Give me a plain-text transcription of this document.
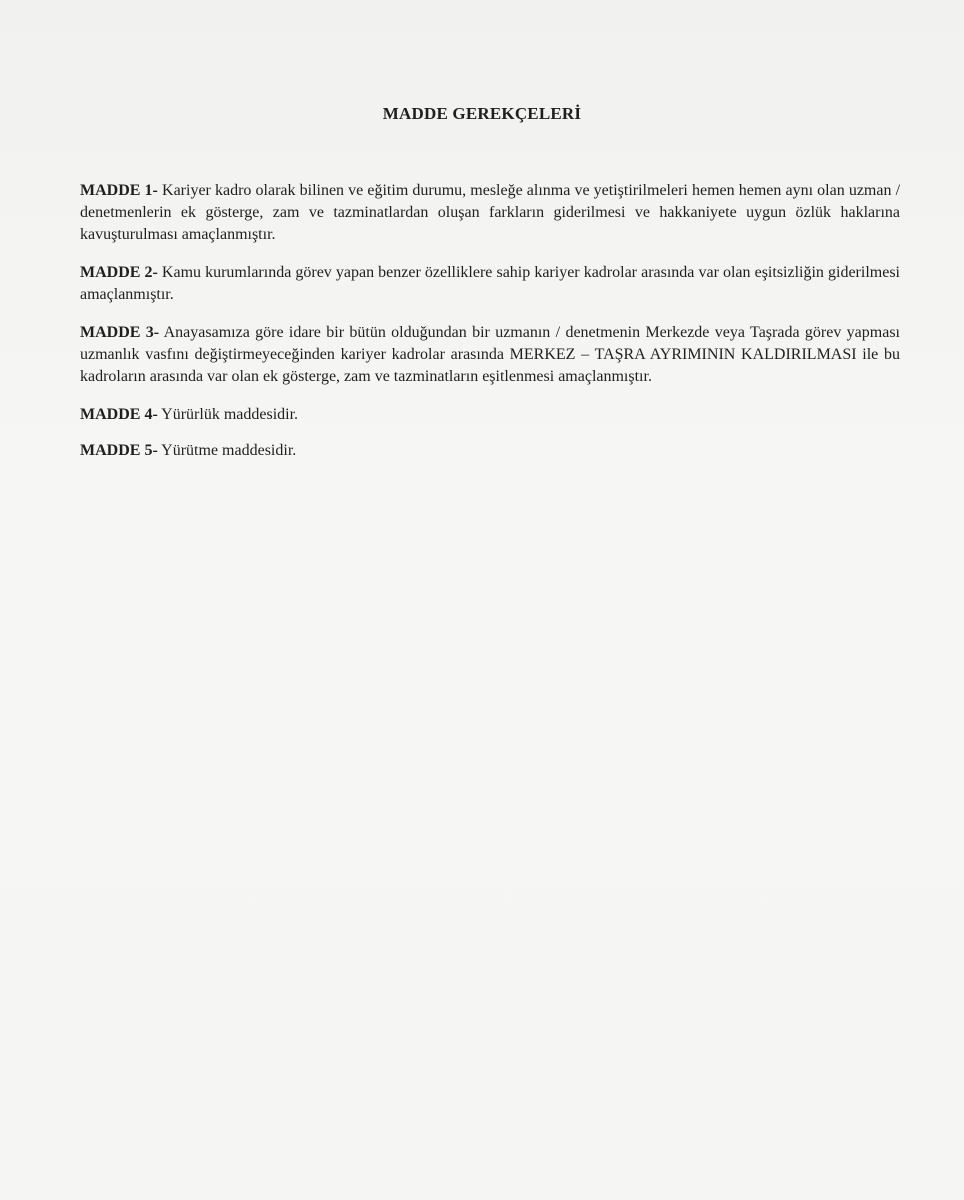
MADDE GEREKÇELERİ

MADDE 1- Kariyer kadro olarak bilinen ve eğitim durumu, mesleğe alınma ve yetiştirilmeleri hemen hemen aynı olan uzman / denetmenlerin ek gösterge, zam ve tazminatlardan oluşan farkların giderilmesi ve hakkaniyete uygun özlük haklarına kavuşturulması amaçlanmıştır.

MADDE 2- Kamu kurumlarında görev yapan benzer özelliklere sahip kariyer kadrolar arasında var olan eşitsizliğin giderilmesi amaçlanmıştır.

MADDE 3- Anayasamıza göre idare bir bütün olduğundan bir uzmanın / denetmenin Merkezde veya Taşrada görev yapması uzmanlık vasfını değiştirmeyeceğinden kariyer kadrolar arasında MERKEZ – TAŞRA AYRIMININ KALDIRILMASI ile bu kadroların arasında var olan ek gösterge, zam ve tazminatların eşitlenmesi amaçlanmıştır.

MADDE 4- Yürürlük maddesidir.

MADDE 5- Yürütme maddesidir.
